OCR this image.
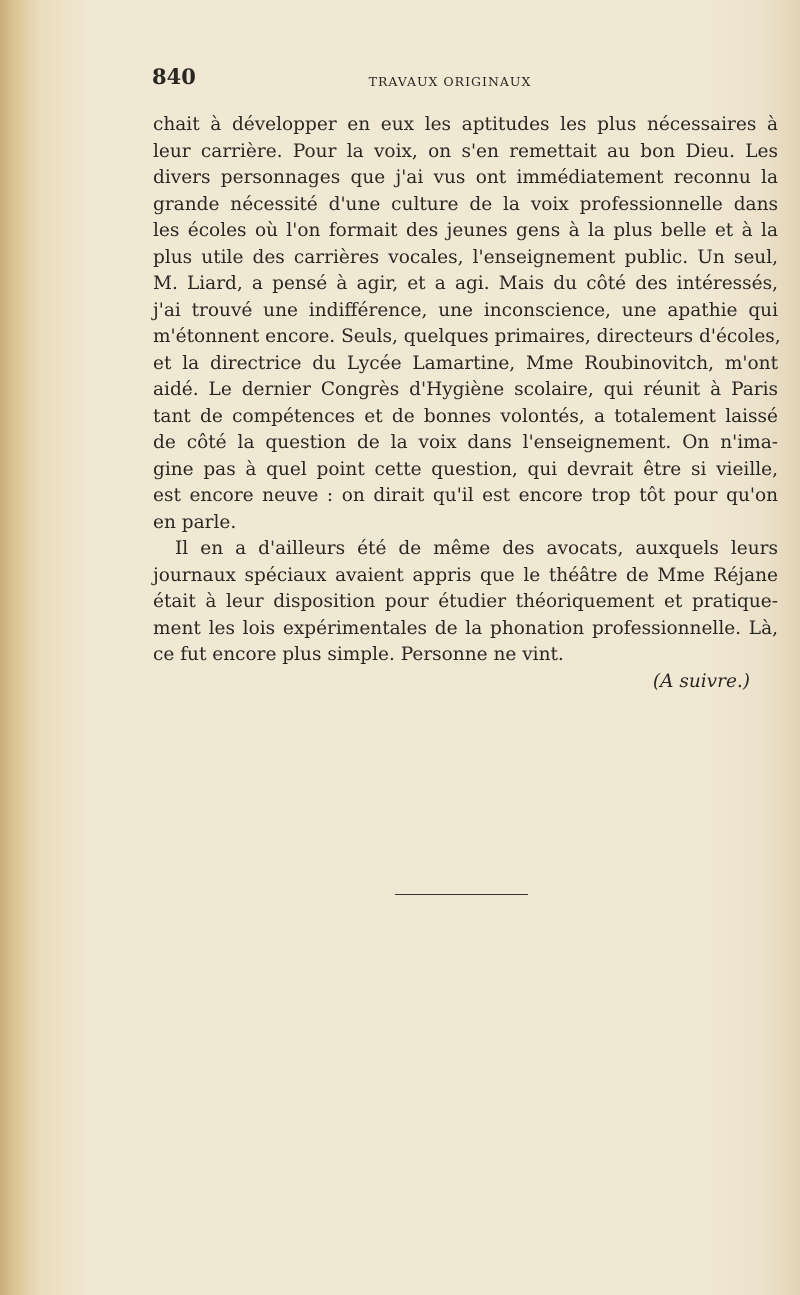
840	TRAVAUX ORIGINAUX
chait à développer en eux les aptitudes les plus nécessaires à
leur carrière. Pour la voix, on s'en remettait au bon Dieu. Les
divers personnages que j'ai vus ont immédiatement reconnu la
grande nécessité d'une culture de la voix professionnelle dans
les écoles où l'on formait des jeunes gens à la plus belle et à la
plus utile des carrières vocales, l'enseignement public. Un seul,
M. Liard, a pensé à agir, et a agi. Mais du côté des intéressés,
j'ai trouvé une indifférence, une inconscience, une apathie qui
m'étonnent encore. Seuls, quelques primaires, directeurs d'écoles,
et la directrice du Lycée Lamartine, Mme Roubinovitch, m'ont
aidé. Le dernier Congrès d'Hygiène scolaire, qui réunit à Paris
tant de compétences et de bonnes volontés, a totalement laissé
de côté la question de la voix dans l'enseignement. On n'ima-
gine pas à quel point cette question, qui devrait être si vieille,
est encore neuve : on dirait qu'il est encore trop tôt pour qu'on
en parle.
Il en a d'ailleurs été de même des avocats, auxquels leurs
journaux spéciaux avaient appris que le théâtre de Mme Réjane
était à leur disposition pour étudier théoriquement et pratique-
ment les lois expérimentales de la phonation professionnelle. Là,
ce fut encore plus simple. Personne ne vint.
(A suivre.)
